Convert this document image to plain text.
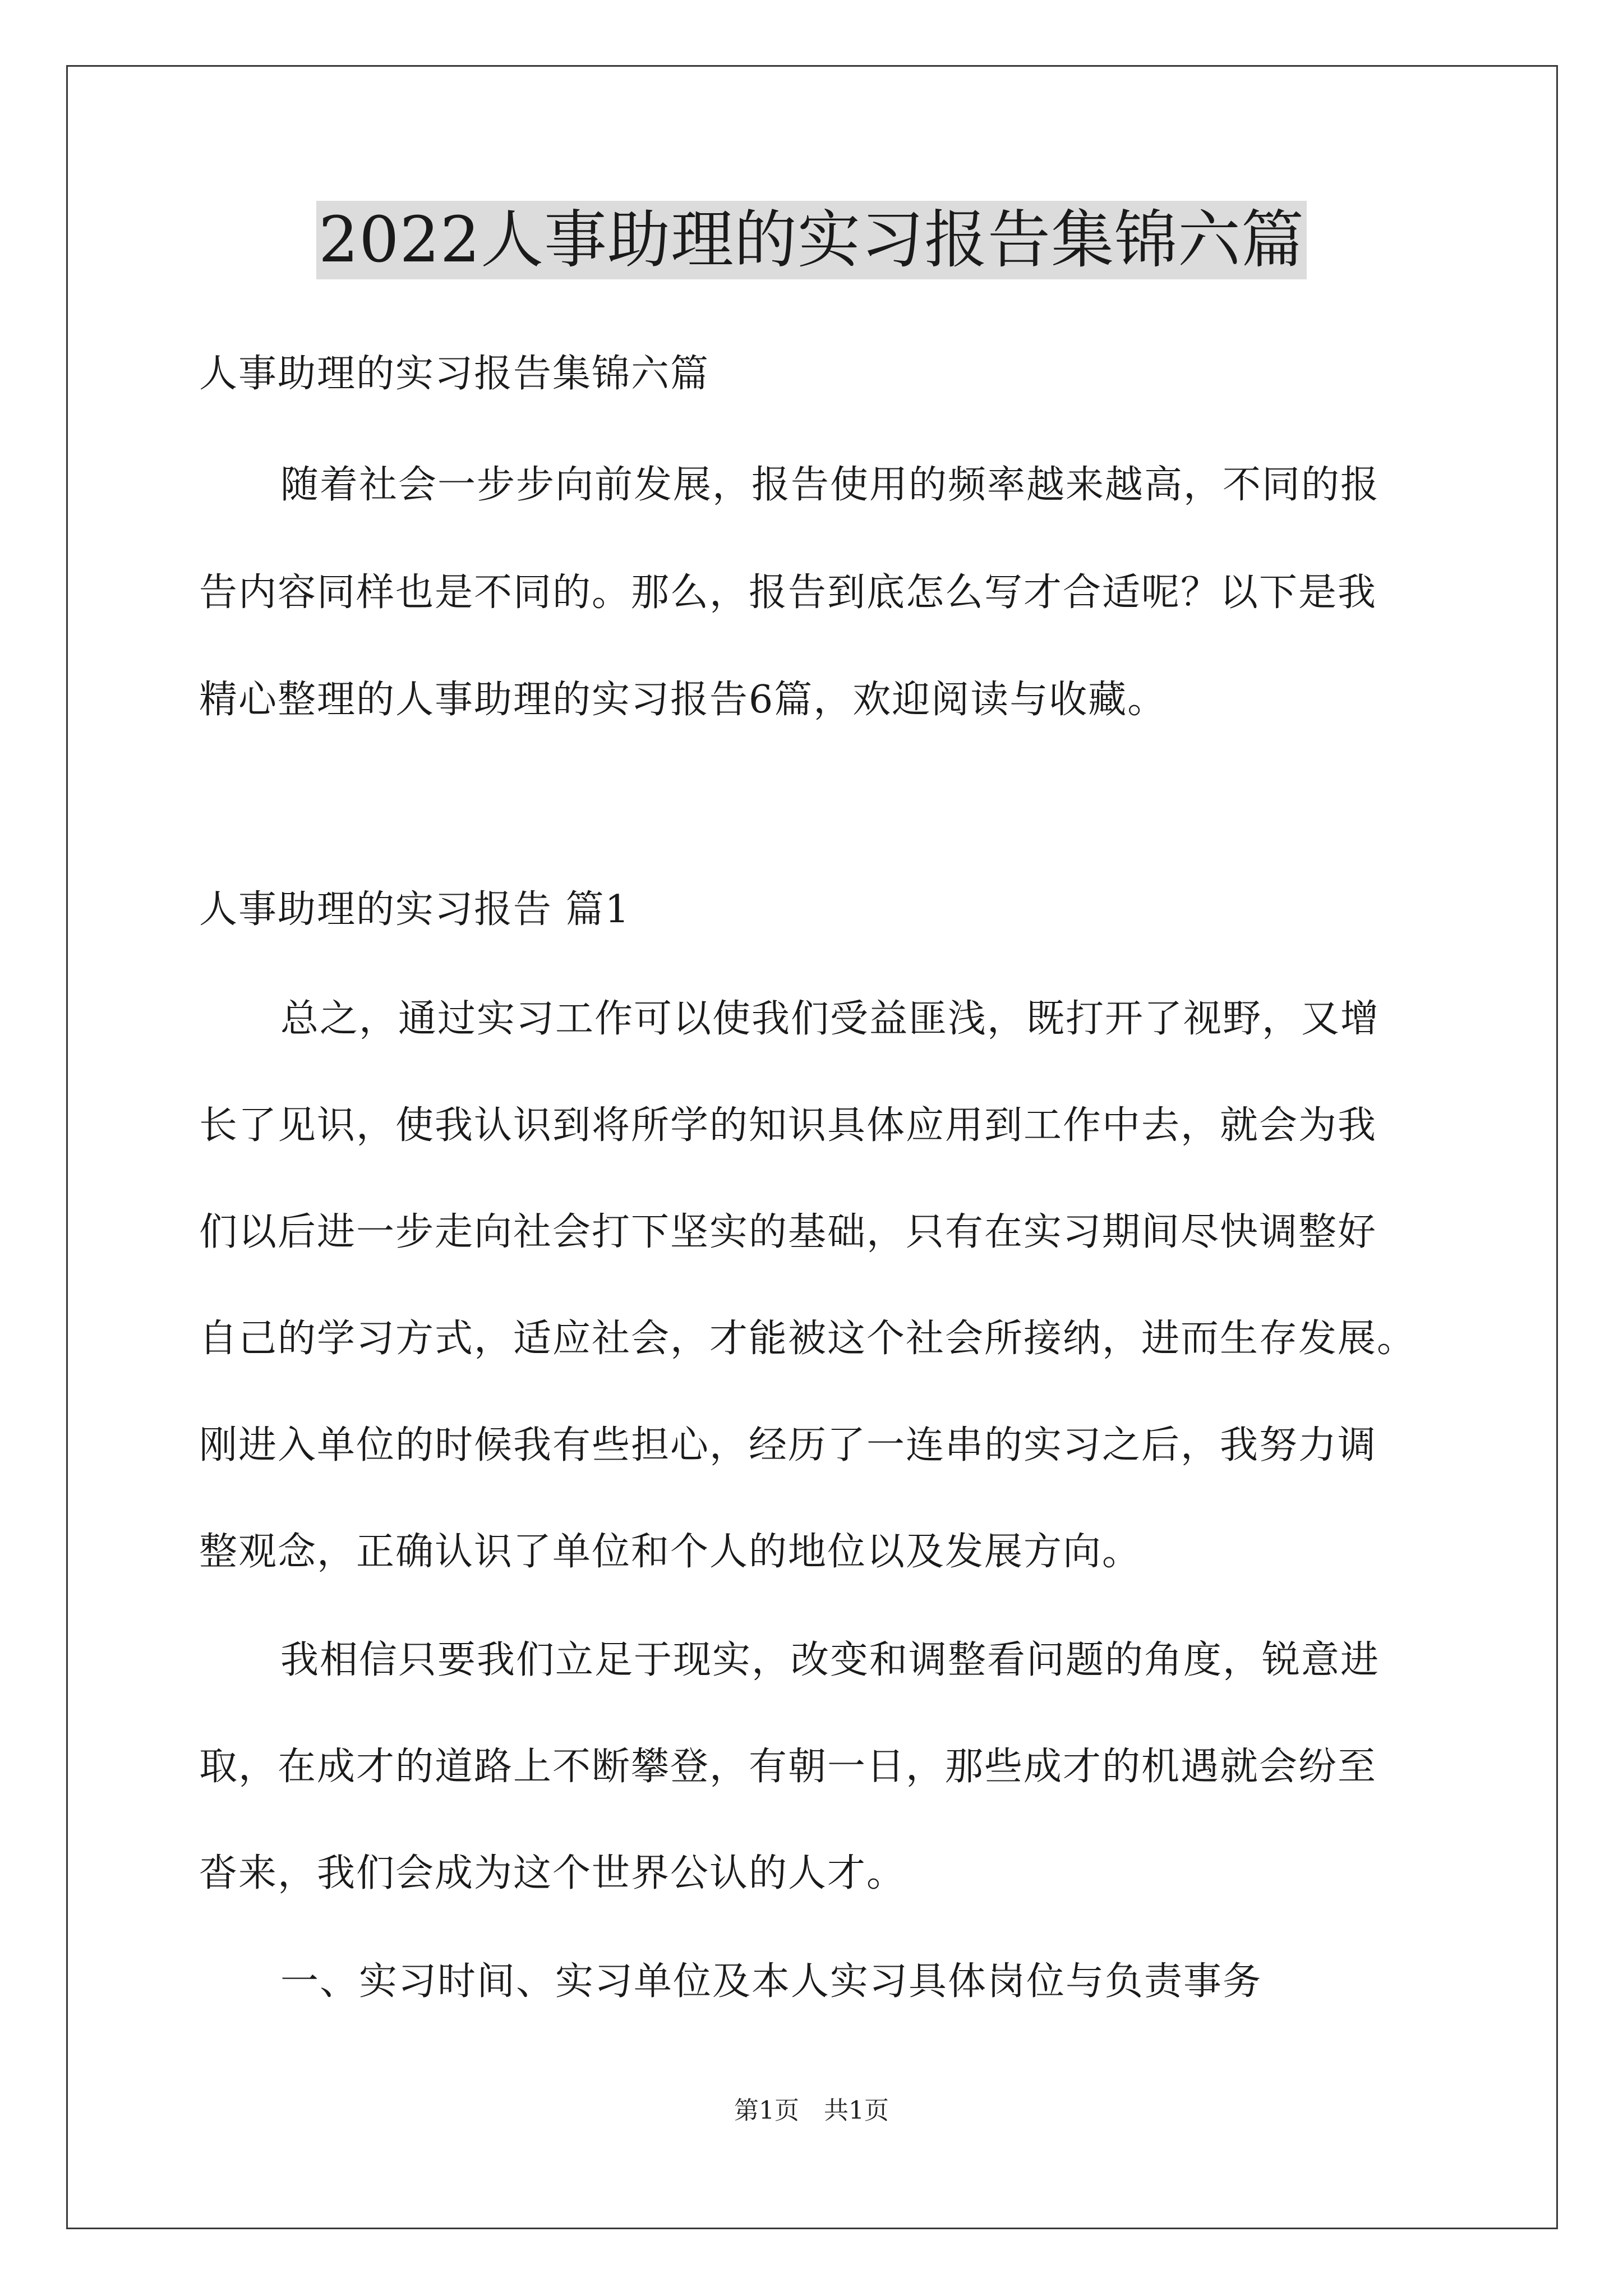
2022人事助理的实习报告集锦六篇
人事助理的实习报告集锦六篇
随着社会一步步向前发展，报告使用的频率越来越高，不同的报
告内容同样也是不同的。那么，报告到底怎么写才合适呢？以下是我
精心整理的人事助理的实习报告6篇，欢迎阅读与收藏。
人事助理的实习报告 篇1
总之，通过实习工作可以使我们受益匪浅，既打开了视野，又增
长了见识，使我认识到将所学的知识具体应用到工作中去，就会为我
们以后进一步走向社会打下坚实的基础，只有在实习期间尽快调整好
自己的学习方式，适应社会，才能被这个社会所接纳，进而生存发展。
刚进入单位的时候我有些担心，经历了一连串的实习之后，我努力调
整观念，正确认识了单位和个人的地位以及发展方向。
我相信只要我们立足于现实，改变和调整看问题的角度，锐意进
取，在成才的道路上不断攀登，有朝一日，那些成才的机遇就会纷至
沓来，我们会成为这个世界公认的人才。
一、实习时间、实习单位及本人实习具体岗位与负责事务
第1页　共1页
